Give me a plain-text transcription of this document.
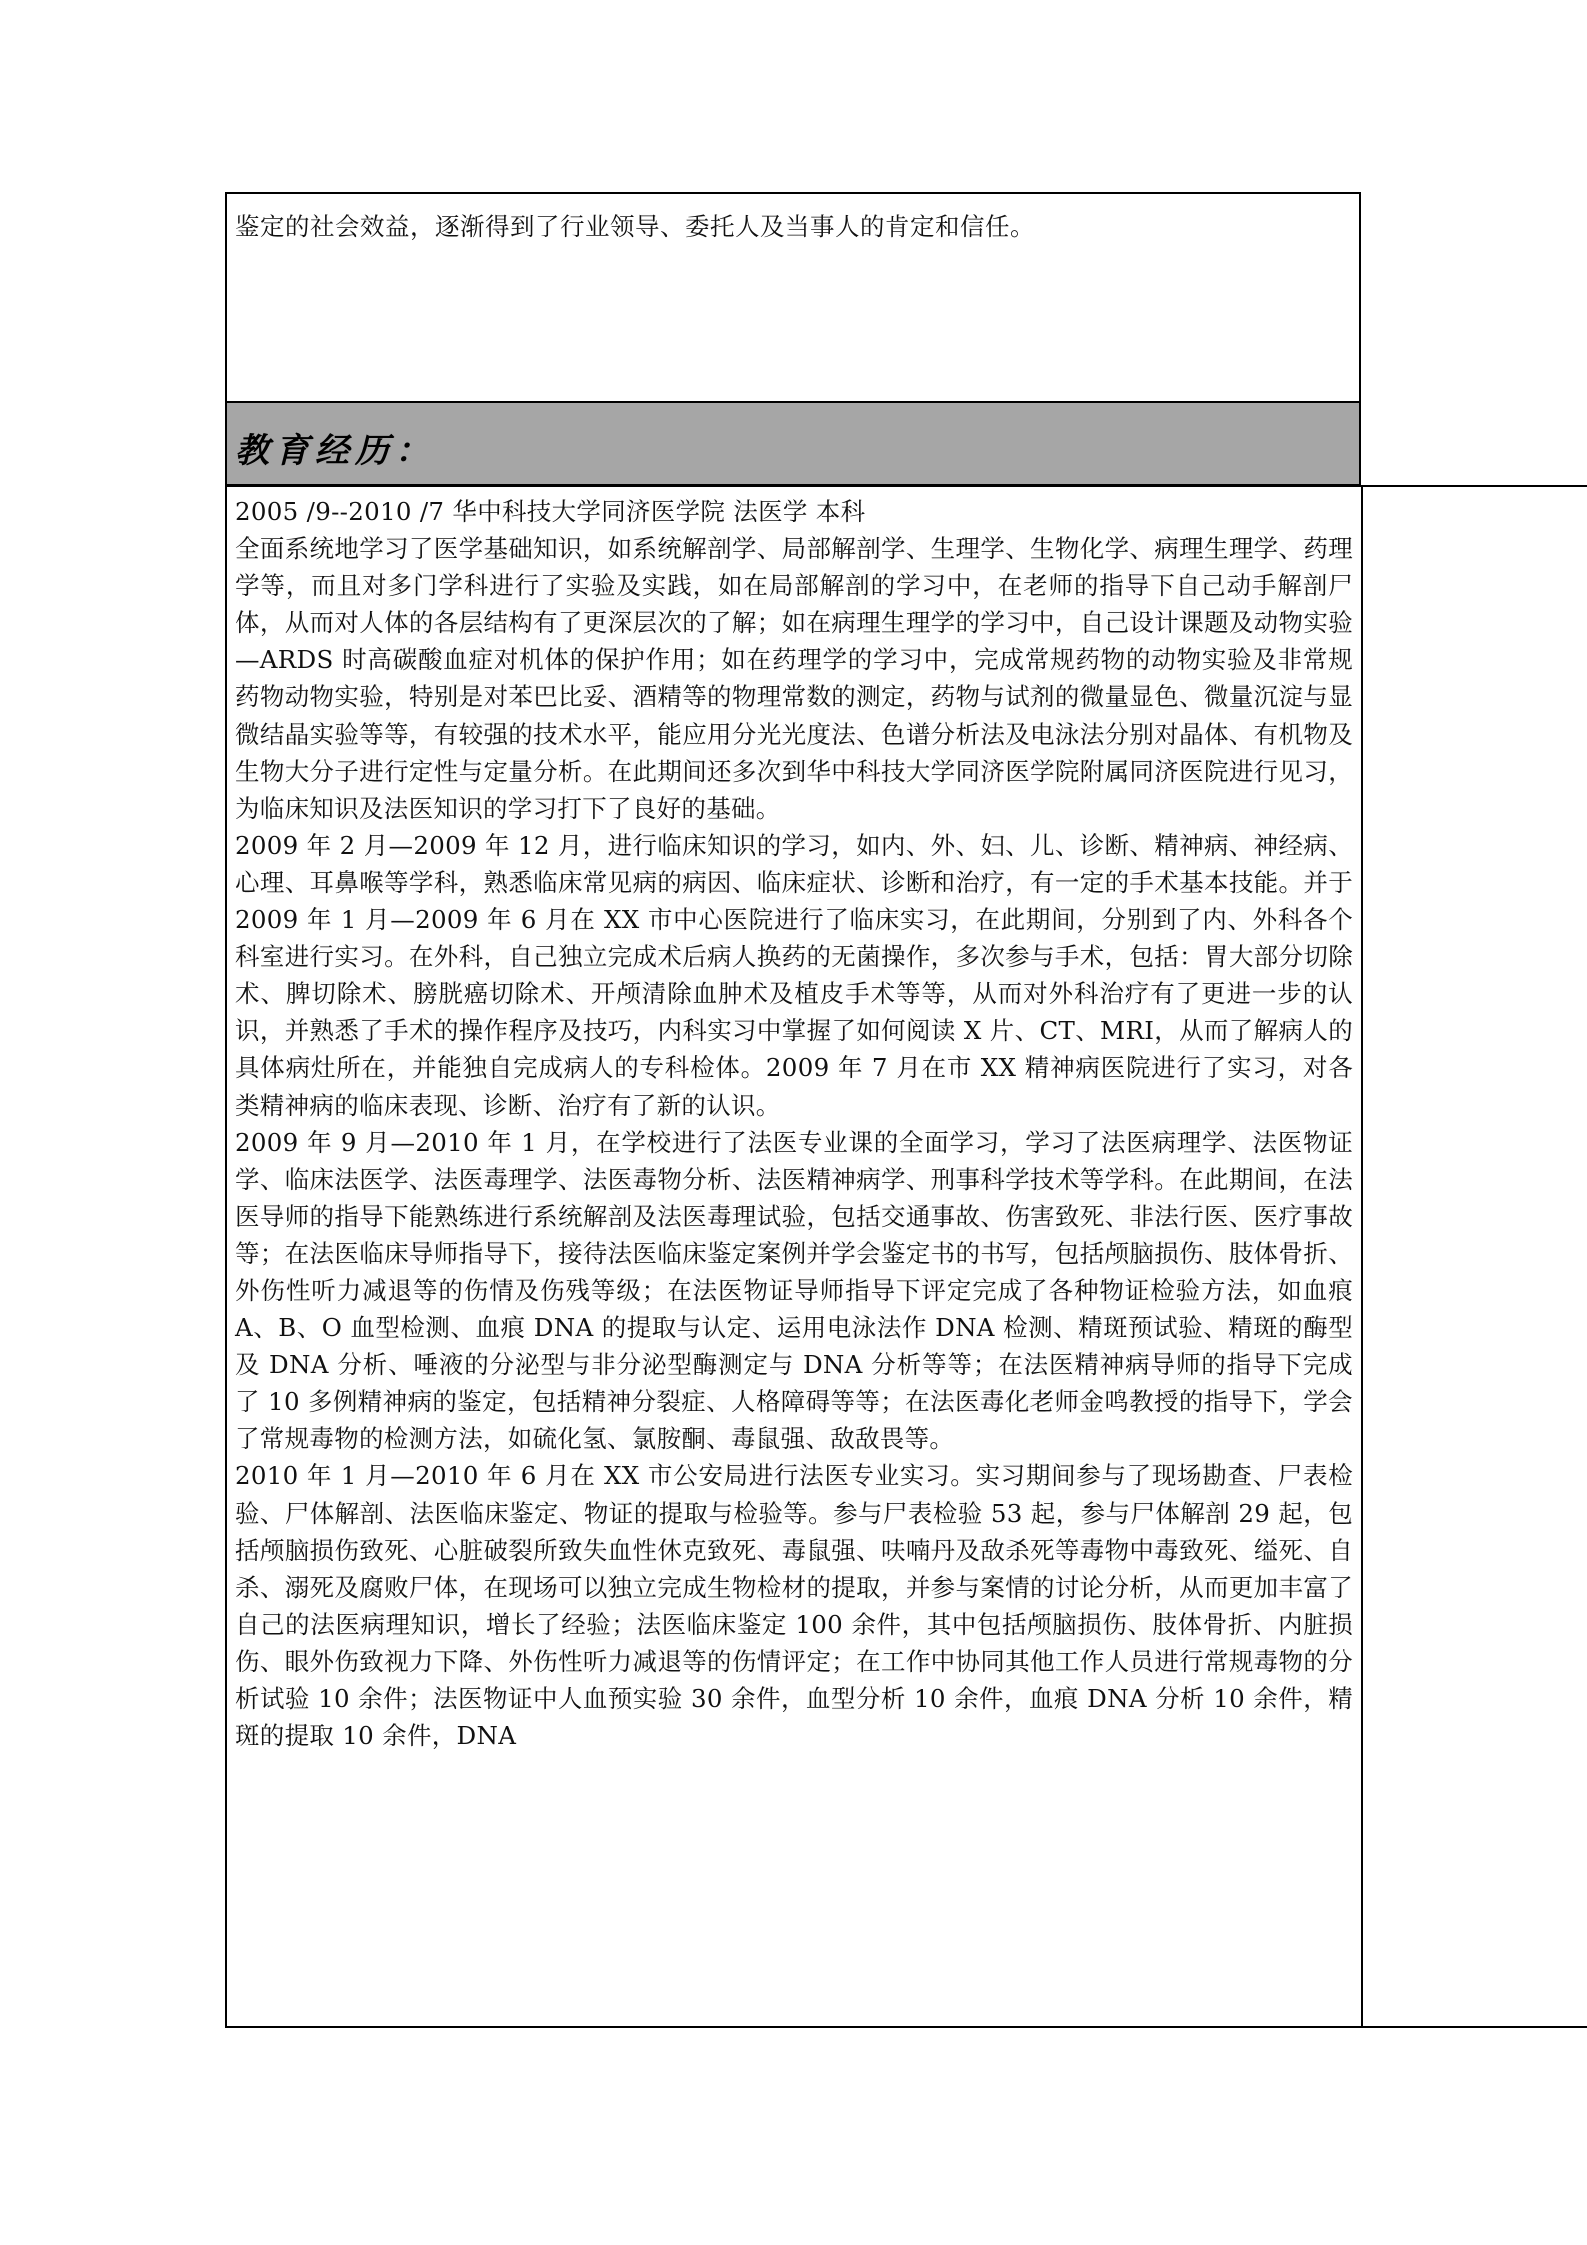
鉴定的社会效益，逐渐得到了行业领导、委托人及当事人的肯定和信任。

教育经历：

2005 /9--2010 /7 华中科技大学同济医学院 法医学 本科

全面系统地学习了医学基础知识，如系统解剖学、局部解剖学、生理学、生物化学、病理生理学、药理学等，而且对多门学科进行了实验及实践，如在局部解剖的学习中，在老师的指导下自己动手解剖尸体，从而对人体的各层结构有了更深层次的了解；如在病理生理学的学习中，自己设计课题及动物实验—ARDS 时高碳酸血症对机体的保护作用；如在药理学的学习中，完成常规药物的动物实验及非常规药物动物实验，特别是对苯巴比妥、酒精等的物理常数的测定，药物与试剂的微量显色、微量沉淀与显微结晶实验等等，有较强的技术水平，能应用分光光度法、色谱分析法及电泳法分别对晶体、有机物及生物大分子进行定性与定量分析。在此期间还多次到华中科技大学同济医学院附属同济医院进行见习，为临床知识及法医知识的学习打下了良好的基础。

2009 年 2 月—2009 年 12 月，进行临床知识的学习，如内、外、妇、儿、诊断、精神病、神经病、心理、耳鼻喉等学科，熟悉临床常见病的病因、临床症状、诊断和治疗，有一定的手术基本技能。并于 2009 年 1 月—2009 年 6 月在 XX 市中心医院进行了临床实习，在此期间，分别到了内、外科各个科室进行实习。在外科，自己独立完成术后病人换药的无菌操作，多次参与手术，包括：胃大部分切除术、脾切除术、膀胱癌切除术、开颅清除血肿术及植皮手术等等，从而对外科治疗有了更进一步的认识，并熟悉了手术的操作程序及技巧，内科实习中掌握了如何阅读 X 片、CT、MRI，从而了解病人的具体病灶所在，并能独自完成病人的专科检体。2009 年 7 月在市 XX 精神病医院进行了实习，对各类精神病的临床表现、诊断、治疗有了新的认识。

2009 年 9 月—2010 年 1 月，在学校进行了法医专业课的全面学习，学习了法医病理学、法医物证学、临床法医学、法医毒理学、法医毒物分析、法医精神病学、刑事科学技术等学科。在此期间，在法医导师的指导下能熟练进行系统解剖及法医毒理试验，包括交通事故、伤害致死、非法行医、医疗事故等；在法医临床导师指导下，接待法医临床鉴定案例并学会鉴定书的书写，包括颅脑损伤、肢体骨折、外伤性听力减退等的伤情及伤残等级；在法医物证导师指导下评定完成了各种物证检验方法，如血痕 A、B、O 血型检测、血痕 DNA 的提取与认定、运用电泳法作 DNA 检测、精斑预试验、精斑的酶型及 DNA 分析、唾液的分泌型与非分泌型酶测定与 DNA 分析等等；在法医精神病导师的指导下完成了 10 多例精神病的鉴定，包括精神分裂症、人格障碍等等；在法医毒化老师金鸣教授的指导下，学会了常规毒物的检测方法，如硫化氢、氯胺酮、毒鼠强、敌敌畏等。

2010 年 1 月—2010 年 6 月在 XX 市公安局进行法医专业实习。实习期间参与了现场勘查、尸表检验、尸体解剖、法医临床鉴定、物证的提取与检验等。参与尸表检验 53 起，参与尸体解剖 29 起，包括颅脑损伤致死、心脏破裂所致失血性休克致死、毒鼠强、呋喃丹及敌杀死等毒物中毒致死、缢死、自杀、溺死及腐败尸体，在现场可以独立完成生物检材的提取，并参与案情的讨论分析，从而更加丰富了自己的法医病理知识，增长了经验；法医临床鉴定 100 余件，其中包括颅脑损伤、肢体骨折、内脏损伤、眼外伤致视力下降、外伤性听力减退等的伤情评定；在工作中协同其他工作人员进行常规毒物的分析试验 10 余件；法医物证中人血预实验 30 余件，血型分析 10 余件，血痕 DNA 分析 10 余件，精斑的提取 10 余件，DNA
